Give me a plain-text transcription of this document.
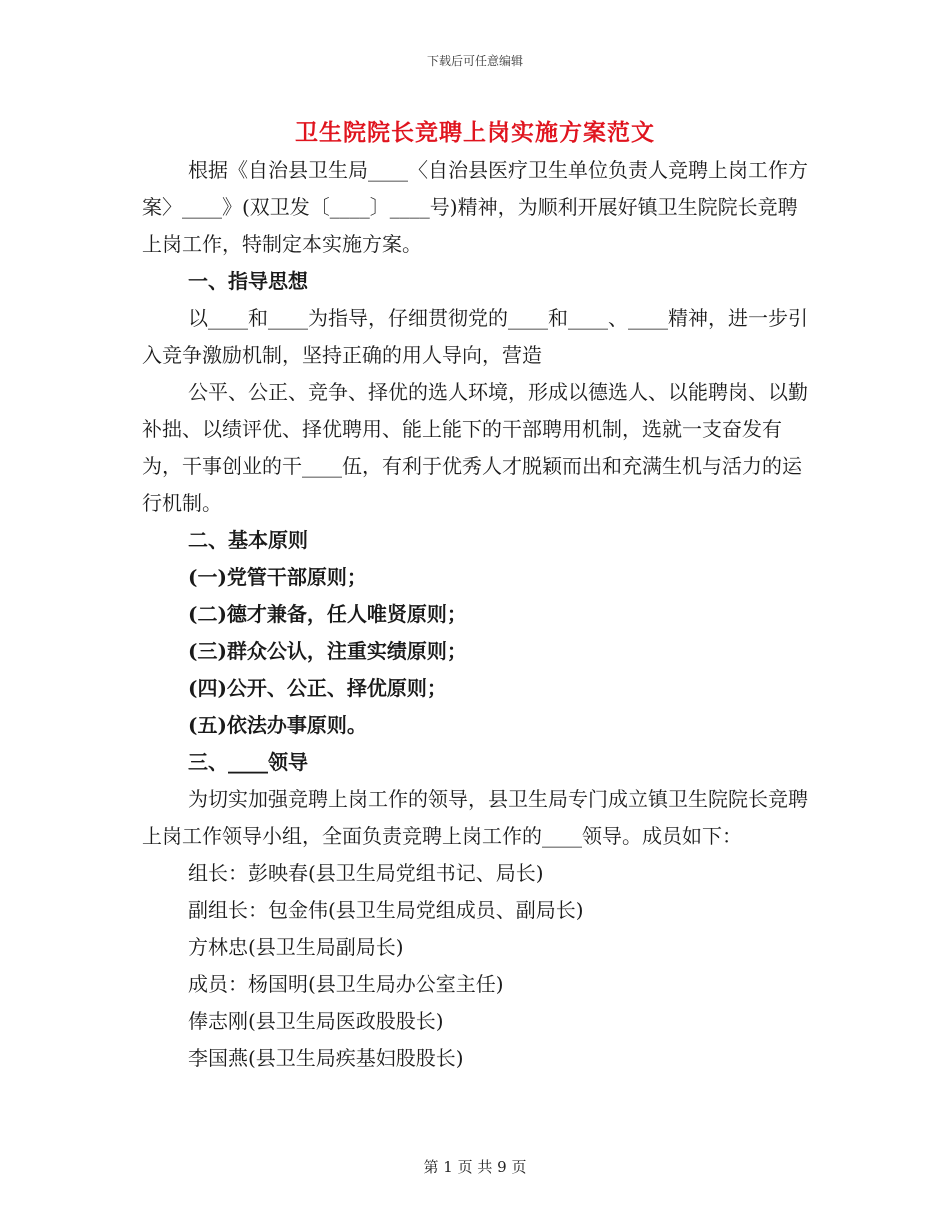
下载后可任意编辑
卫生院院长竞聘上岗实施方案范文

根据《自治县卫生局____〈自治县医疗卫生单位负责人竞聘上岗工作方案〉____》(双卫发〔____〕____号)精神，为顺利开展好镇卫生院院长竞聘上岗工作，特制定本实施方案。

一、指导思想

以____和____为指导，仔细贯彻党的____和____、____精神，进一步引入竞争激励机制，坚持正确的用人导向，营造

公平、公正、竞争、择优的选人环境，形成以德选人、以能聘岗、以勤补拙、以绩评优、择优聘用、能上能下的干部聘用机制，选就一支奋发有为，干事创业的干____伍，有利于优秀人才脱颖而出和充满生机与活力的运行机制。

二、基本原则

(一)党管干部原则；

(二)德才兼备，任人唯贤原则；

(三)群众公认，注重实绩原则；

(四)公开、公正、择优原则；

(五)依法办事原则。

三、____领导

为切实加强竞聘上岗工作的领导，县卫生局专门成立镇卫生院院长竞聘上岗工作领导小组，全面负责竞聘上岗工作的____领导。成员如下：

组长：彭映春(县卫生局党组书记、局长)

副组长：包金伟(县卫生局党组成员、副局长)

方林忠(县卫生局副局长)

成员：杨国明(县卫生局办公室主任)

俸志刚(县卫生局医政股股长)

李国燕(县卫生局疾基妇股股长)

第 1 页 共 9 页
